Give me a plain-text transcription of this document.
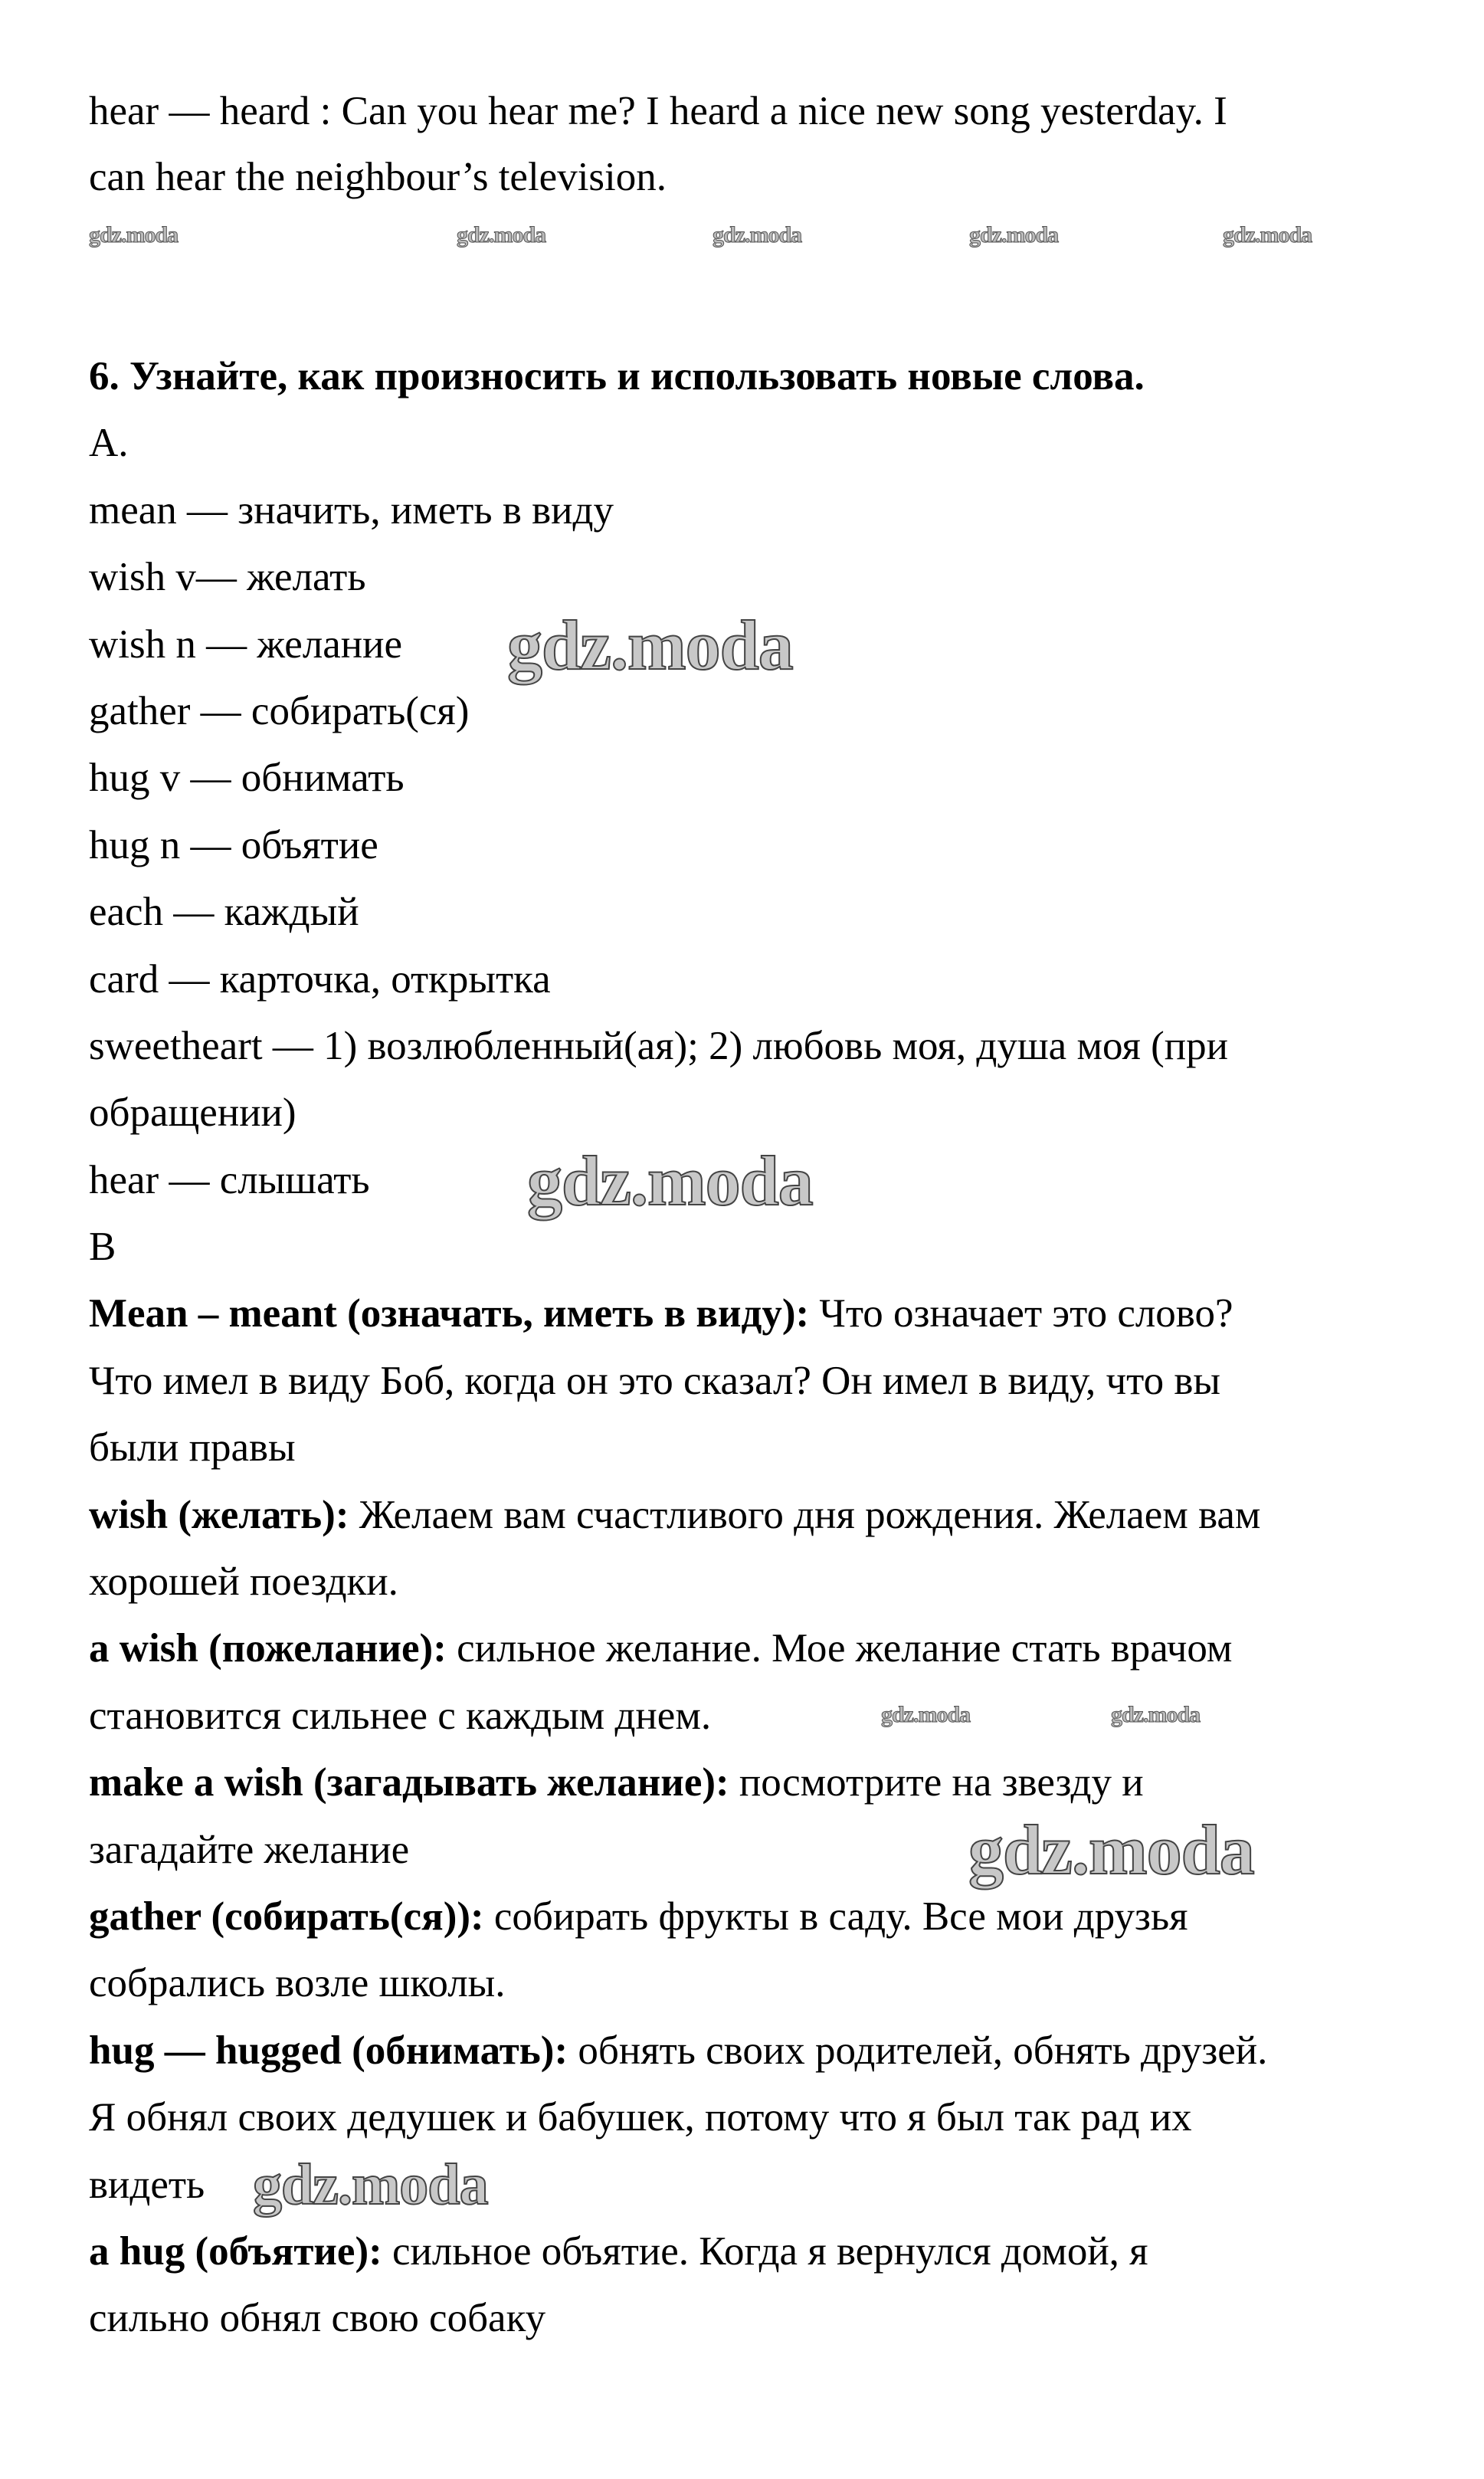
hear — heard : Can you hear me? I heard a nice new song yesterday. I
can hear the neighbour’s television.
6. Узнайте, как произносить и использовать новые слова.
A.
mean — значить, иметь в виду
wish v— желать
wish n — желание
gather — собирать(ся)
hug v — обнимать
hug n — объятие
each — каждый
card — карточка, открытка
sweetheart — 1) возлюбленный(ая); 2) любовь моя, душа моя (при
обращении)
hear — слышать
B
Mean – meant (означать, иметь в виду): Что означает это слово?
Что имел в виду Боб, когда он это сказал? Он имел в виду, что вы
были правы
wish (желать): Желаем вам счастливого дня рождения. Желаем вам
хорошей поездки.
a wish (пожелание): сильное желание. Мое желание стать врачом
становится сильнее с каждым днем.
make a wish (загадывать желание): посмотрите на звезду и
загадайте желание
gather (собирать(ся)): собирать фрукты в саду. Все мои друзья
собрались возле школы.
hug — hugged (обнимать): обнять своих родителей, обнять друзей.
Я обнял своих дедушек и бабушек, потому что я был так рад их
видеть
a hug (объятие): сильное объятие. Когда я вернулся домой, я
сильно обнял свою собаку
gdz.moda	gdz.moda	gdz.moda	gdz.moda	gdz.moda
gdz.moda
gdz.moda
gdz.moda	gdz.moda
gdz.moda
gdz.moda
